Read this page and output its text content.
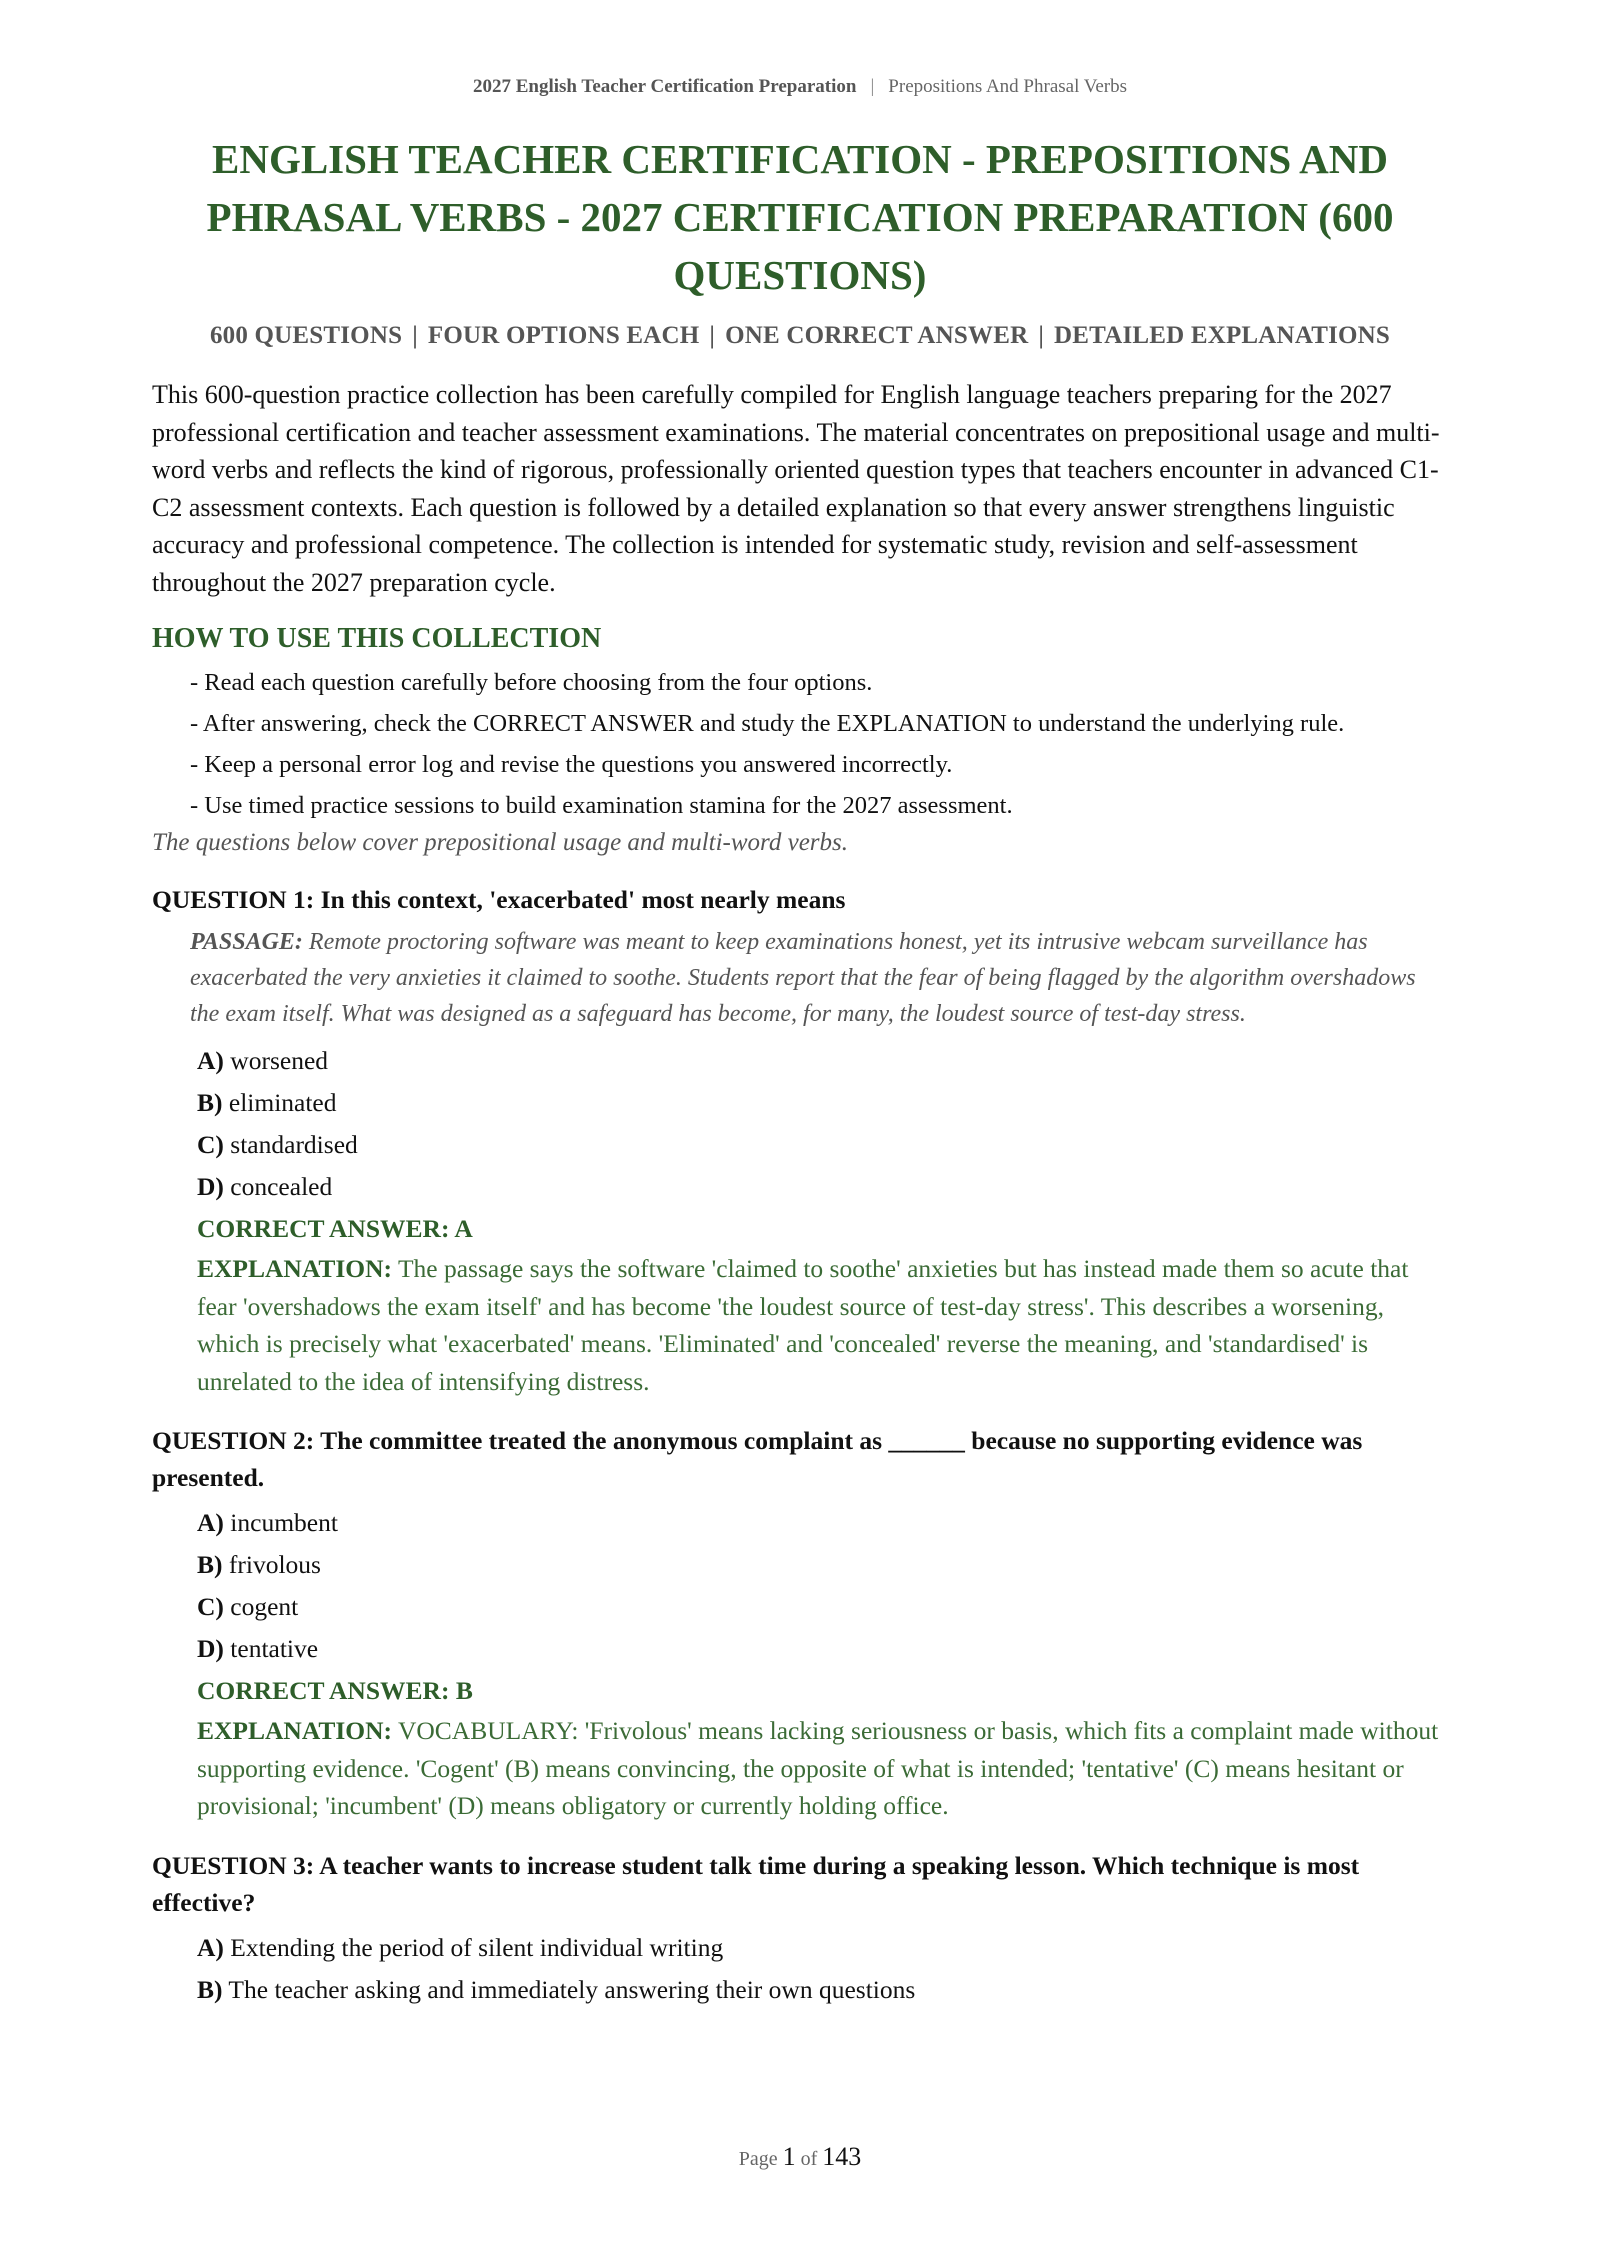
2027 English Teacher Certification Preparation | Prepositions And Phrasal Verbs
ENGLISH TEACHER CERTIFICATION - PREPOSITIONS AND PHRASAL VERBS - 2027 CERTIFICATION PREPARATION (600 QUESTIONS)
600 QUESTIONS | FOUR OPTIONS EACH | ONE CORRECT ANSWER | DETAILED EXPLANATIONS

This 600-question practice collection has been carefully compiled for English language teachers preparing for the 2027 professional certification and teacher assessment examinations. The material concentrates on prepositional usage and multi-word verbs and reflects the kind of rigorous, professionally oriented question types that teachers encounter in advanced C1-C2 assessment contexts. Each question is followed by a detailed explanation so that every answer strengthens linguistic accuracy and professional competence. The collection is intended for systematic study, revision and self-assessment throughout the 2027 preparation cycle.

HOW TO USE THIS COLLECTION
- Read each question carefully before choosing from the four options.
- After answering, check the CORRECT ANSWER and study the EXPLANATION to understand the underlying rule.
- Keep a personal error log and revise the questions you answered incorrectly.
- Use timed practice sessions to build examination stamina for the 2027 assessment.

The questions below cover prepositional usage and multi-word verbs.

QUESTION 1: In this context, 'exacerbated' most nearly means

PASSAGE: Remote proctoring software was meant to keep examinations honest, yet its intrusive webcam surveillance has exacerbated the very anxieties it claimed to soothe. Students report that the fear of being flagged by the algorithm overshadows the exam itself. What was designed as a safeguard has become, for many, the loudest source of test-day stress.

A) worsened
B) eliminated
C) standardised
D) concealed

CORRECT ANSWER: A

EXPLANATION: The passage says the software 'claimed to soothe' anxieties but has instead made them so acute that fear 'overshadows the exam itself' and has become 'the loudest source of test-day stress'. This describes a worsening, which is precisely what 'exacerbated' means. 'Eliminated' and 'concealed' reverse the meaning, and 'standardised' is unrelated to the idea of intensifying distress.

QUESTION 2: The committee treated the anonymous complaint as ______ because no supporting evidence was presented.

A) incumbent
B) frivolous
C) cogent
D) tentative

CORRECT ANSWER: B

EXPLANATION: VOCABULARY: 'Frivolous' means lacking seriousness or basis, which fits a complaint made without supporting evidence. 'Cogent' (B) means convincing, the opposite of what is intended; 'tentative' (C) means hesitant or provisional; 'incumbent' (D) means obligatory or currently holding office.

QUESTION 3: A teacher wants to increase student talk time during a speaking lesson. Which technique is most effective?

A) Extending the period of silent individual writing
B) The teacher asking and immediately answering their own questions
Page 1 of 143
